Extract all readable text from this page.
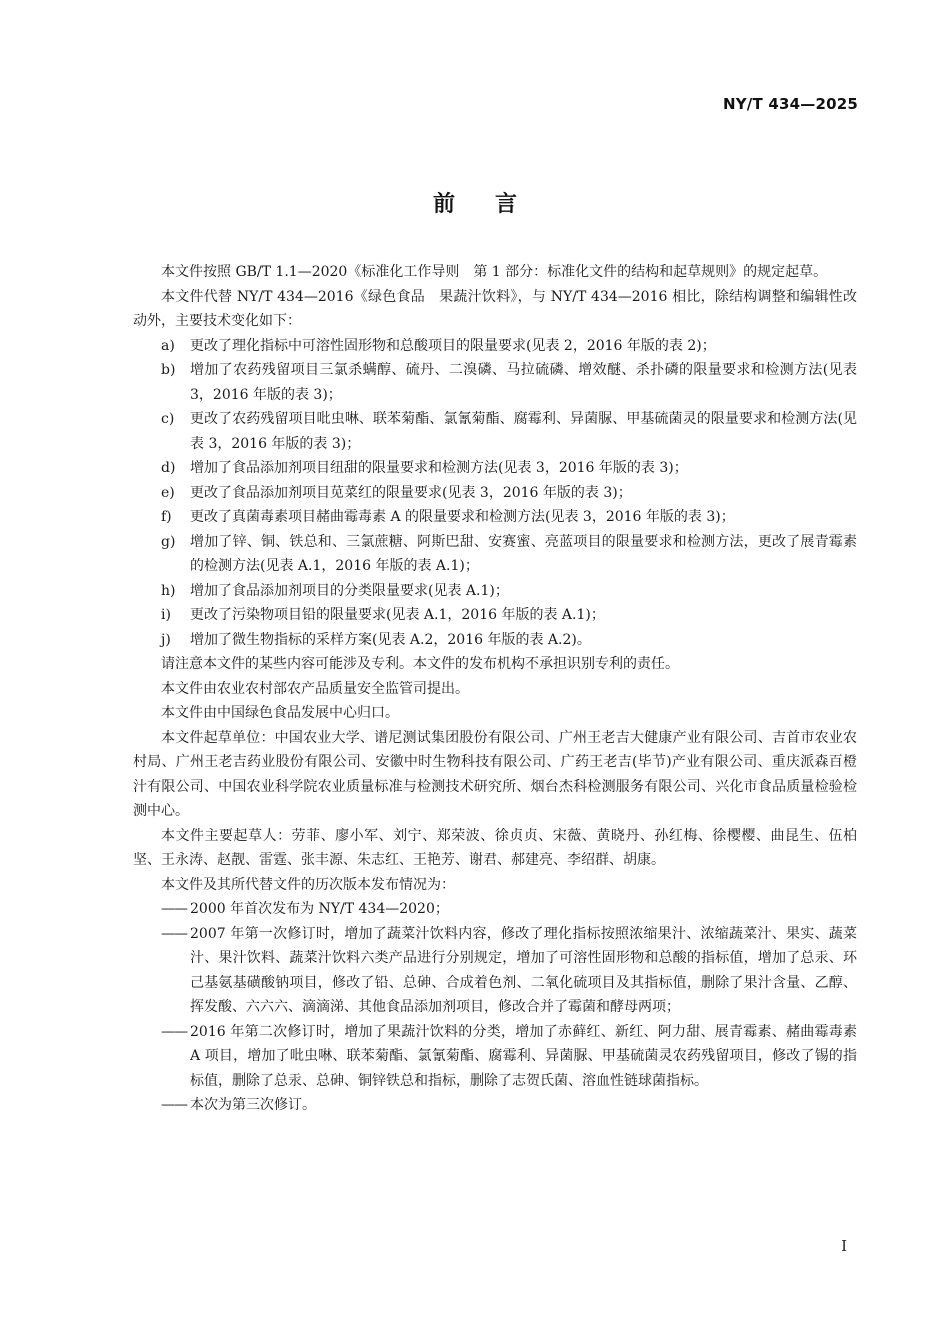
NY/T 434—2025
前言

本文件按照 GB/T 1.1—2020《标准化工作导则　第 1 部分：标准化文件的结构和起草规则》的规定起草。

本文件代替 NY/T 434—2016《绿色食品　果蔬汁饮料》，与 NY/T 434—2016 相比，除结构调整和编辑性改动外，主要技术变化如下：

a) 更改了理化指标中可溶性固形物和总酸项目的限量要求(见表 2，2016 年版的表 2)；
b) 增加了农药残留项目三氯杀螨醇、硫丹、二溴磷、马拉硫磷、增效醚、杀扑磷的限量要求和检测方法(见表 3，2016 年版的表 3)；
c) 更改了农药残留项目吡虫啉、联苯菊酯、氯氰菊酯、腐霉利、异菌脲、甲基硫菌灵的限量要求和检测方法(见表 3，2016 年版的表 3)；
d) 增加了食品添加剂项目纽甜的限量要求和检测方法(见表 3，2016 年版的表 3)；
e) 更改了食品添加剂项目苋菜红的限量要求(见表 3，2016 年版的表 3)；
f) 更改了真菌毒素项目赭曲霉毒素 A 的限量要求和检测方法(见表 3，2016 年版的表 3)；
g) 增加了锌、铜、铁总和、三氯蔗糖、阿斯巴甜、安赛蜜、亮蓝项目的限量要求和检测方法，更改了展青霉素的检测方法(见表 A.1，2016 年版的表 A.1)；
h) 增加了食品添加剂项目的分类限量要求(见表 A.1)；
i) 更改了污染物项目铅的限量要求(见表 A.1，2016 年版的表 A.1)；
j) 增加了微生物指标的采样方案(见表 A.2，2016 年版的表 A.2)。

请注意本文件的某些内容可能涉及专利。本文件的发布机构不承担识别专利的责任。

本文件由农业农村部农产品质量安全监管司提出。

本文件由中国绿色食品发展中心归口。

本文件起草单位：中国农业大学、谱尼测试集团股份有限公司、广州王老吉大健康产业有限公司、吉首市农业农村局、广州王老吉药业股份有限公司、安徽中时生物科技有限公司、广药王老吉(毕节)产业有限公司、重庆派森百橙汁有限公司、中国农业科学院农业质量标准与检测技术研究所、烟台杰科检测服务有限公司、兴化市食品质量检验检测中心。

本文件主要起草人：劳菲、廖小军、刘宁、郑荣波、徐贞贞、宋薇、黄晓丹、孙红梅、徐樱樱、曲昆生、伍柏坚、王永涛、赵靓、雷霆、张丰源、朱志红、王艳芳、谢君、郝建亮、李绍群、胡康。

本文件及其所代替文件的历次版本发布情况为：

—— 2000 年首次发布为 NY/T 434—2020；
—— 2007 年第一次修订时，增加了蔬菜汁饮料内容，修改了理化指标按照浓缩果汁、浓缩蔬菜汁、果实、蔬菜汁、果汁饮料、蔬菜汁饮料六类产品进行分别规定，增加了可溶性固形物和总酸的指标值，增加了总汞、环己基氨基磺酸钠项目，修改了铅、总砷、合成着色剂、二氧化硫项目及其指标值，删除了果汁含量、乙醇、挥发酸、六六六、滴滴涕、其他食品添加剂项目，修改合并了霉菌和酵母两项；
—— 2016 年第二次修订时，增加了果蔬汁饮料的分类，增加了赤藓红、新红、阿力甜、展青霉素、赭曲霉毒素 A 项目，增加了吡虫啉、联苯菊酯、氯氰菊酯、腐霉利、异菌脲、甲基硫菌灵农药残留项目，修改了锡的指标值，删除了总汞、总砷、铜锌铁总和指标，删除了志贺氏菌、溶血性链球菌指标。
—— 本次为第三次修订。
I
